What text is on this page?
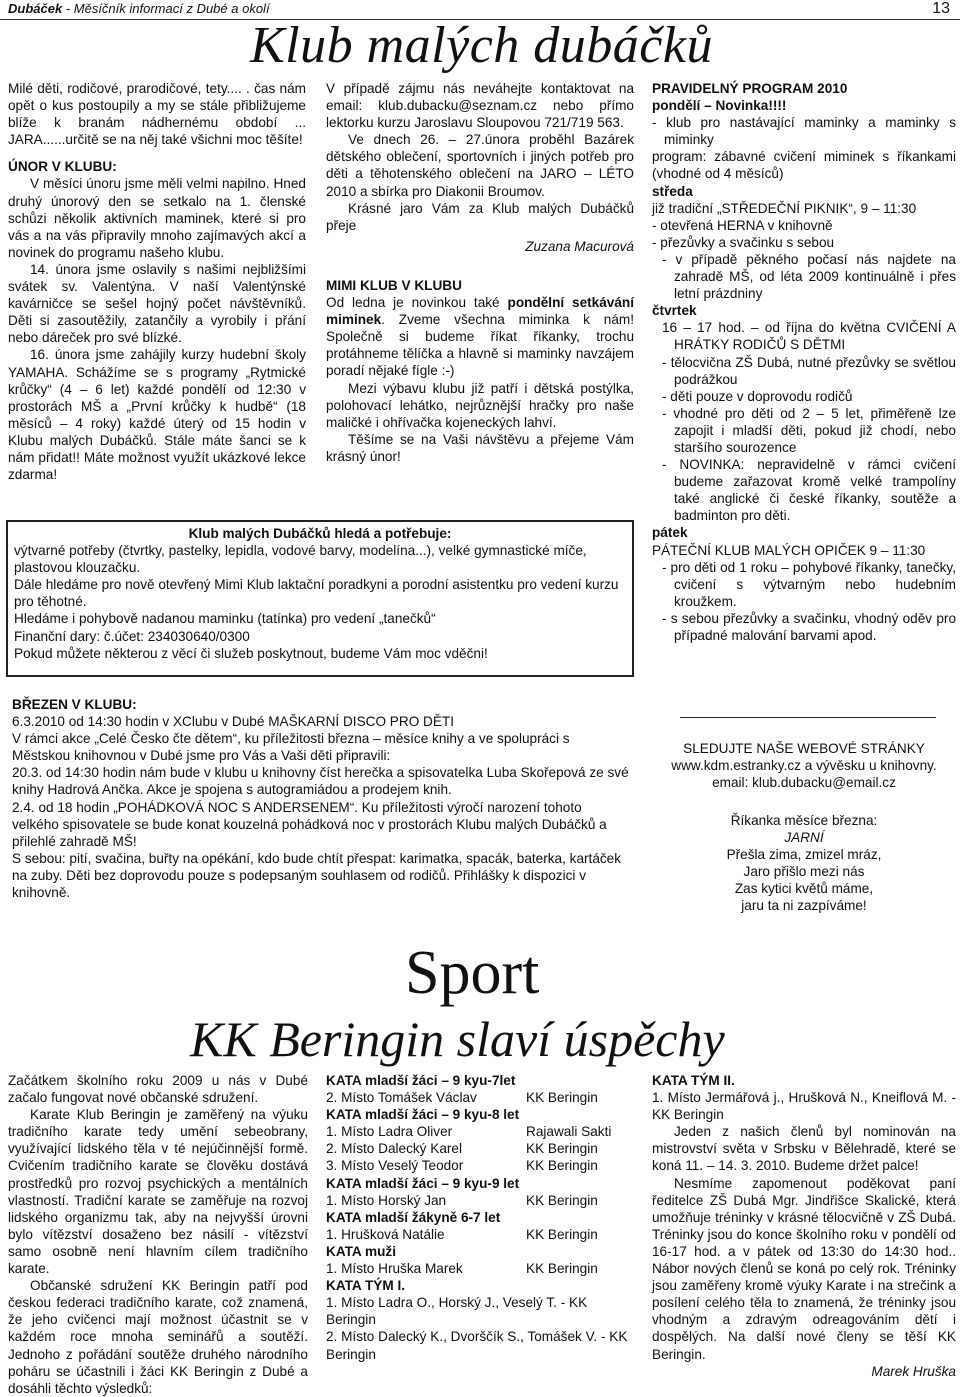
Dubáček - Měsíčník informací z Dubé a okolí	13
Klub malých dubáčků

Milé děti, rodičové, prarodičové, tety.... . čas nám opět o kus postoupily a my se stále přibližujeme blíže k branám nádhernému období ... JARA......určitě se na něj také všichni moc těšíte!

ÚNOR V KLUBU:

V měsíci únoru jsme měli velmi napilno. Hned druhý únorový den se setkalo na 1. členské schůzi několik aktivních maminek, které si pro vás a na vás připravily mnoho zajímavých akcí a novinek do programu našeho klubu.

14. února jsme oslavily s našimi nejbližšími svátek sv. Valentýna. V naší Valentýnské kavárničce se sešel hojný počet návštěvníků. Děti si zasoutěžily, zatančily a vyrobily i přání nebo dáreček pro své blízké.

16. února jsme zahájily kurzy hudební školy YAMAHA. Schážíme se s programy „Rytmické krůčky“ (4 – 6 let) každé pondělí od 12:30 v prostorách MŠ a „První krůčky k hudbě“ (18 měsíců – 4 roky) každé úterý od 15 hodin v Klubu malých Dubáčků. Stále máte šanci se k nám přidat!! Máte možnost využít ukázkové lekce zdarma!

V případě zájmu nás neváhejte kontaktovat na email: klub.dubacku@seznam.cz nebo přímo lektorku kurzu Jaroslavu Sloupovou 721/719 563.

Ve dnech 26. – 27.února proběhl Bazárek dětského oblečení, sportovních i jiných potřeb pro děti a těhotenského oblečení na JARO – LÉTO 2010 a sbírka pro Diakonii Broumov.

Krásné jaro Vám za Klub malých Dubáčků přeje

Zuzana Macurová

MIMI KLUB V KLUBU

Od ledna je novinkou také pondělní setkávání miminek. Zveme všechna miminka k nám! Společně si budeme říkat říkanky, trochu protáhneme tělíčka a hlavně si maminky navzájem poradí nějaké fígle :-)

Mezi výbavu klubu již patří i dětská postýlka, polohovací lehátko, nejrůznější hračky pro naše maličké i ohřívačka kojeneckých lahví.

Těšíme se na Vaši návštěvu a přejeme Vám krásný únor!

PRAVIDELNÝ PROGRAM 2010

pondělí – Novinka!!!!

- klub pro nastávající maminky a maminky s miminky

program: zábavné cvičení miminek s říkankami (vhodné od 4 měsíců)

středa

již tradiční „STŘEDEČNÍ PIKNIK“, 9 – 11:30

- otevřená HERNA v knihovně

- přezůvky a svačinku s sebou

- v případě pěkného počasí nás najdete na zahradě MŠ, od léta 2009 kontinuálně i přes letní prázdniny

čtvrtek

16 – 17 hod. – od října do května CVIČENÍ A HRÁTKY RODIČŮ S DĚTMI

- tělocvična ZŠ Dubá, nutné přezůvky se světlou podrážkou

- děti pouze v doprovodu rodičů

- vhodné pro děti od 2 – 5 let, přiměřeně lze zapojit i mladší děti, pokud již chodí, nebo staršího sourozence

- NOVINKA: nepravidelně v rámci cvičení budeme zařazovat kromě velké trampolíny také anglické či české říkanky, soutěže a badminton pro děti.

pátek

PÁTEČNÍ KLUB MALÝCH OPIČEK 9 – 11:30

- pro děti od 1 roku – pohybové říkanky, tanečky, cvičení s výtvarným nebo hudebním kroužkem.

- s sebou přezůvky a svačinku, vhodný oděv pro případné malování barvami apod.

SLEDUJTE NAŠE WEBOVÉ STRÁNKY

www.kdm.estranky.cz a vývěsku u knihovny.

email: klub.dubacku@email.cz

Říkanka měsíce března:

JARNÍ

Přešla zima, zmizel mráz,

Jaro přišlo mezi nás

Zas kytici květů máme,

jaru ta ni zazpíváme!

Klub malých Dubáčků hledá a potřebuje:

výtvarné potřeby (čtvrtky, pastelky, lepidla, vodové barvy, modelína...), velké gymnastické míče, plastovou klouzačku.

Dále hledáme pro nově otevřený Mimi Klub laktační poradkyni a porodní asistentku pro vedení kurzu pro těhotné.

Hledáme i pohybově nadanou maminku (tatínka) pro vedení „tanečků“

Finanční dary: č.účet: 234030640/0300

Pokud můžete některou z věcí či služeb poskytnout, budeme Vám moc vděčni!

BŘEZEN V KLUBU:

6.3.2010 od 14:30 hodin v XClubu v Dubé MAŠKARNÍ DISCO PRO DĚTI

V rámci akce „Celé Česko čte dětem“, ku příležitosti března – měsíce knihy a ve spolupráci s Městskou knihovnou v Dubé jsme pro Vás a Vaši děti připravili:

20.3. od 14:30 hodin nám bude v klubu u knihovny číst herečka a spisovatelka Luba Skořepová ze své knihy Hadrová Ančka. Akce je spojena s autogramiádou a prodejem knih.

2.4. od 18 hodin „POHÁDKOVÁ NOC S ANDERSENEM“. Ku příležitosti výročí narození tohoto velkého spisovatele se bude konat kouzelná pohádková noc v prostorách Klubu malých Dubáčků a přilehlé zahradě MŠ!

S sebou: pití, svačina, buřty na opékání, kdo bude chtít přespat: karimatka, spacák, baterka, kartáček na zuby. Děti bez doprovodu pouze s podepsaným souhlasem od rodičů. Přihlášky k dispozici v knihovně.

Sport
KK Beringin slaví úspěchy

Začátkem školního roku 2009 u nás v Dubé začalo fungovat nové občanské sdružení.

Karate Klub Beringin je zaměřený na výuku tradičního karate tedy umění sebeobrany, využívající lidského těla v té nejúčinnější formě. Cvičením tradičního karate se člověku dostává prostředků pro rozvoj psychických a mentálních vlastností. Tradiční karate se zaměřuje na rozvoj lidského organizmu tak, aby na nejvyšší úrovni bylo vítězství dosaženo bez násilí - vítězství samo osobně není hlavním cílem tradičního karate.

Občanské sdružení KK Beringin patří pod českou federaci tradičního karate, což znamená, že jeho cvičenci mají možnost účastnit se v každém roce mnoha seminářů a soutěží. Jednoho z pořádání soutěže druhého národního poháru se účastnili i žáci KK Beringin z Dubé a dosáhli těchto výsledků:

KATA mladší žáci – 9 kyu-7let

2. Místo Tomášek Václav	KK Beringin

KATA mladší žáci – 9 kyu-8 let

1. Místo Ladra Oliver	Rajawali Sakti

2. Místo Dalecký Karel	KK Beringin

3. Místo Veselý Teodor	KK Beringin

KATA mladší žáci – 9 kyu-9 let

1. Místo Horský Jan	KK Beringin

KATA mladší žákyně 6-7 let

1. Hrušková Natálie	KK Beringin

KATA muži

1. Místo Hruška Marek	KK Beringin

KATA TÝM I.

1. Místo Ladra O., Horský J., Veselý T. - KK Beringin

2. Místo Dalecký K., Dvorščík S., Tomášek V. - KK Beringin

KATA TÝM II.

1. Místo Jermářová j., Hrušková N., Kneiflová M. - KK Beringin

Jeden z našich členů byl nominován na mistrovství světa v Srbsku v Bělehradě, které se koná 11. – 14. 3. 2010. Budeme držet palce!

Nesmíme zapomenout poděkovat paní ředitelce ZŠ Dubá Mgr. Jindřišce Skalické, která umožňuje tréninky v krásné tělocvičně v ZŠ Dubá. Tréninky jsou do konce školního roku v pondělí od 16-17 hod. a v pátek od 13:30 do 14:30 hod.. Nábor nových členů se koná po celý rok. Tréninky jsou zaměřeny kromě výuky Karate i na strečink a posílení celého těla to znamená, že tréninky jsou vhodným a zdravým odreagováním dětí i dospělých. Na další nové členy se těší KK Beringin.

Marek Hruška
